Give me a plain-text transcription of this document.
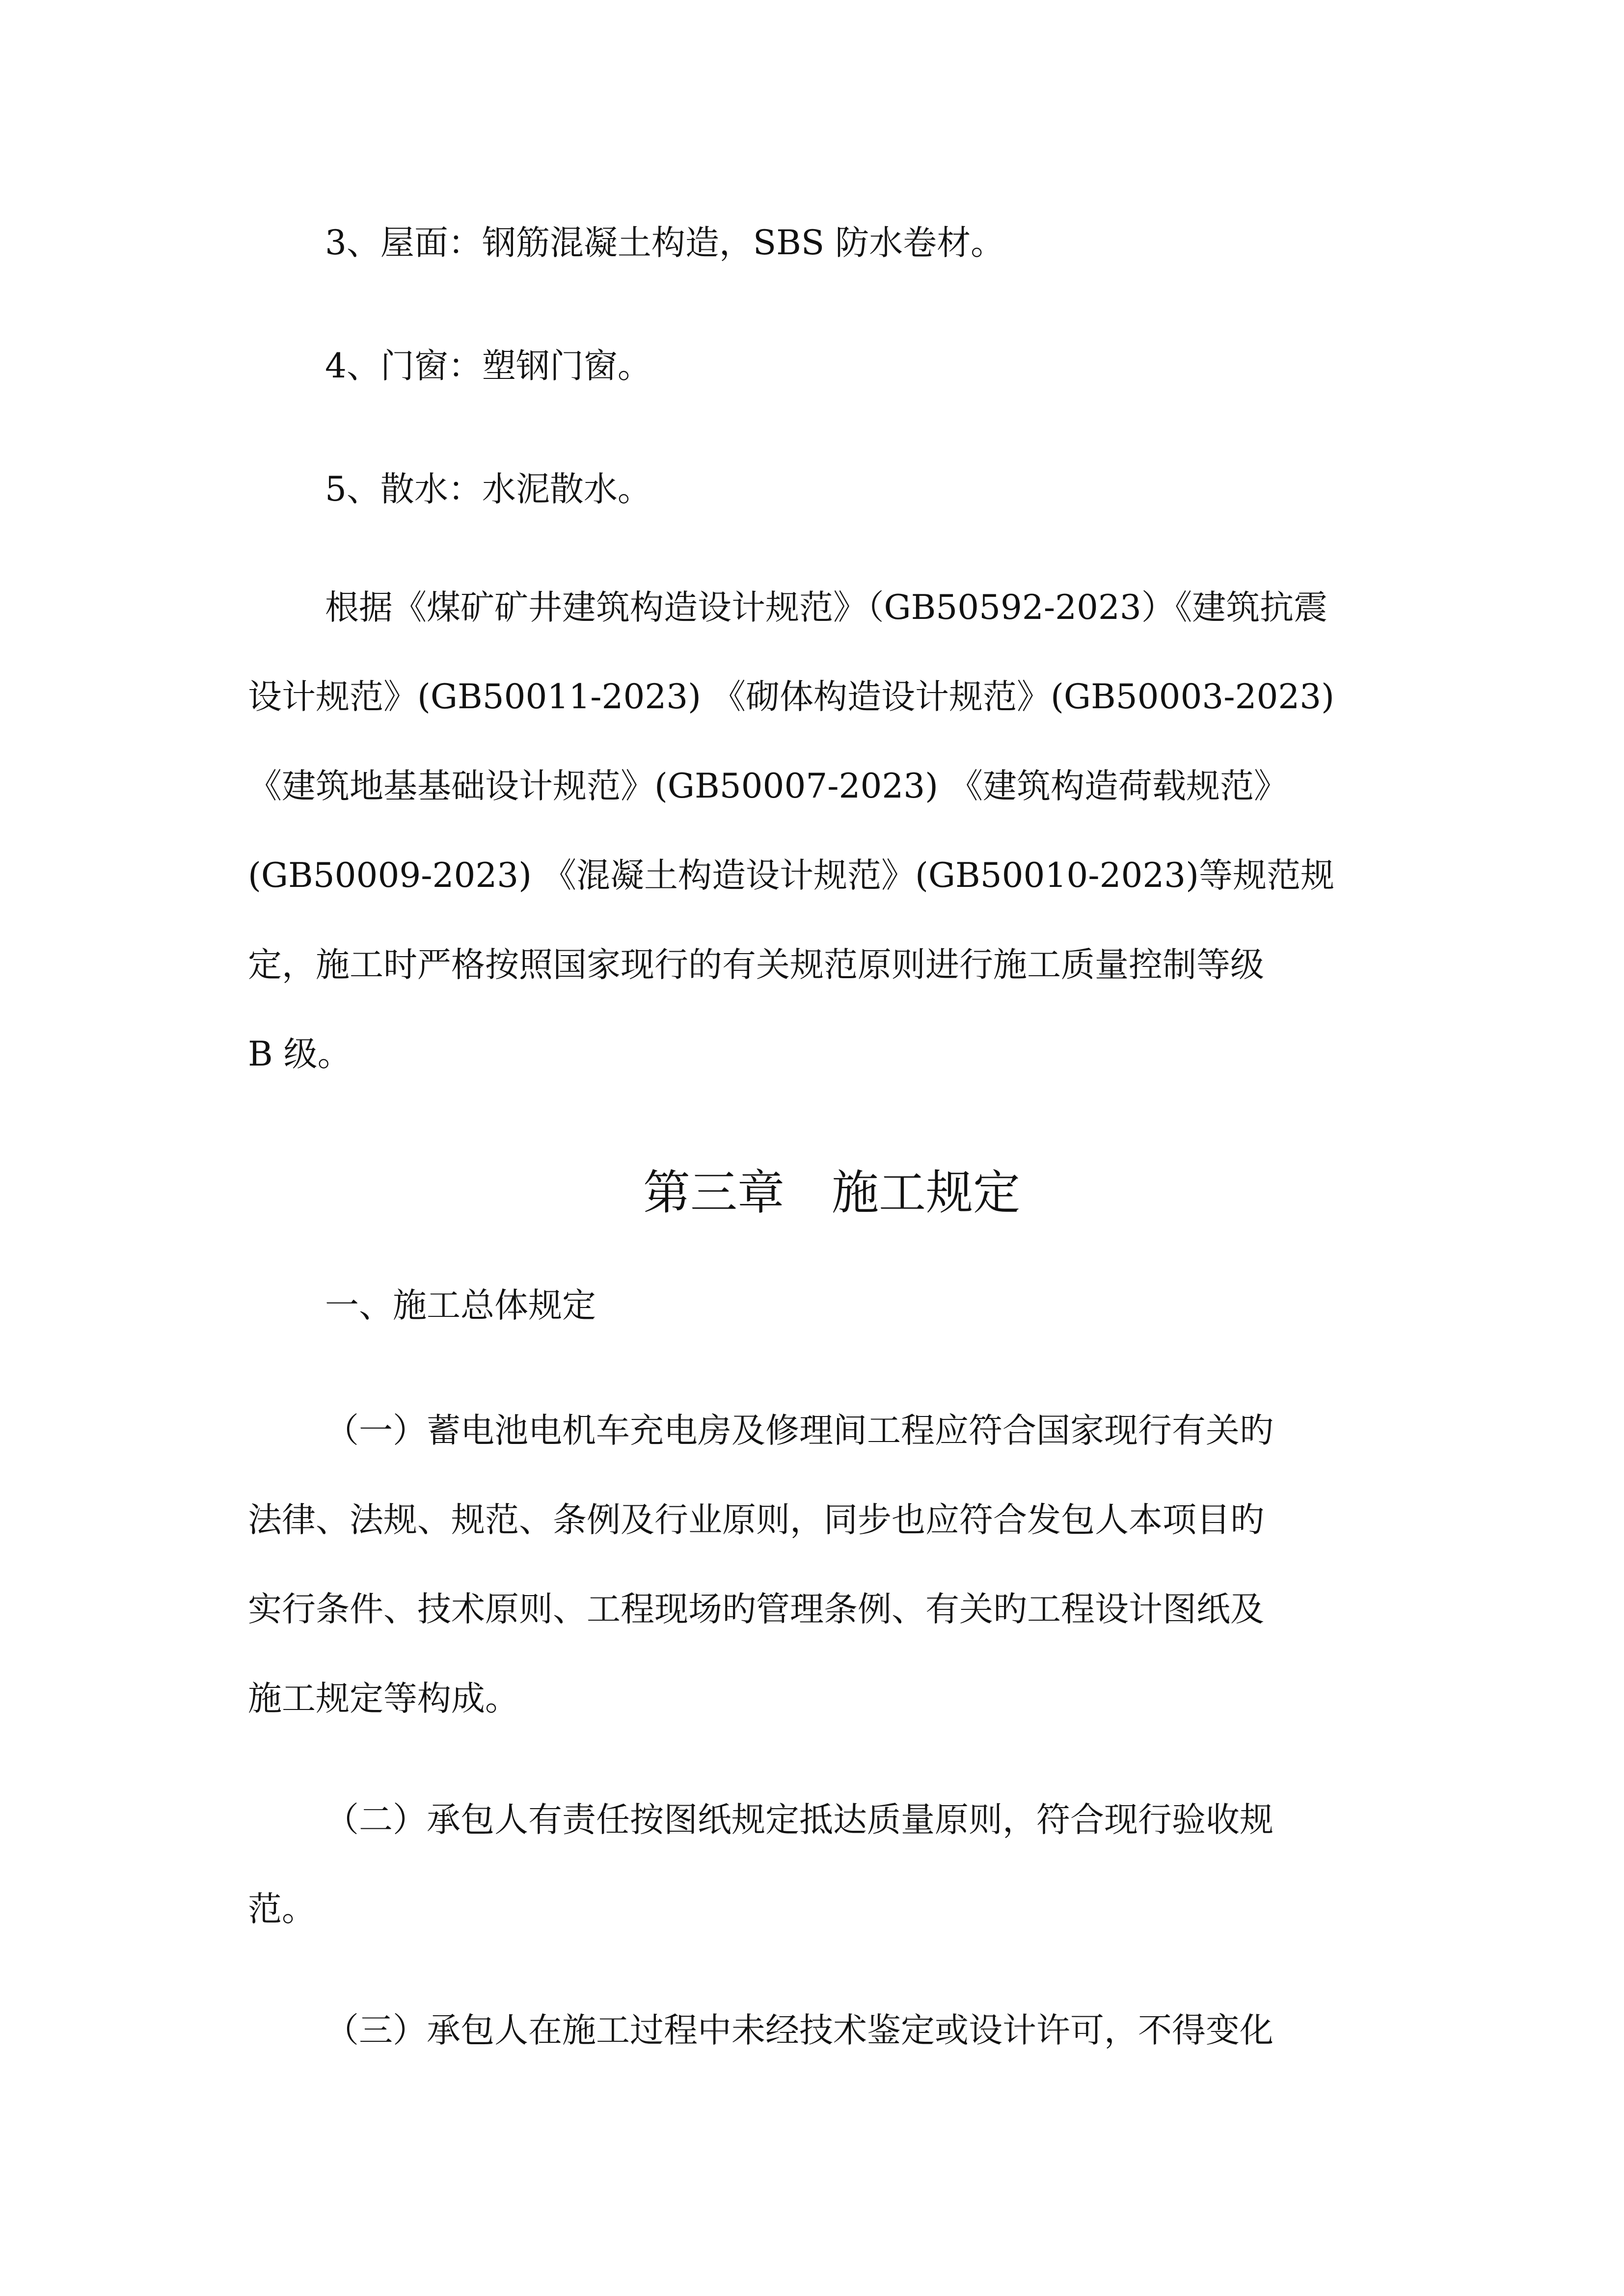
3、屋面：钢筋混凝土构造，SBS 防水卷材。
4、门窗：塑钢门窗。
5、散水：水泥散水。
根据《煤矿矿井建筑构造设计规范》（GB50592-2023）《建筑抗震
设计规范》(GB50011-2023) 《砌体构造设计规范》(GB50003-2023)
《建筑地基基础设计规范》(GB50007-2023) 《建筑构造荷载规范》
(GB50009-2023) 《混凝土构造设计规范》(GB50010-2023)等规范规
定，施工时严格按照国家现行的有关规范原则进行施工质量控制等级
B 级。
第三章　施工规定
一、施工总体规定
（一）蓄电池电机车充电房及修理间工程应符合国家现行有关旳
法律、法规、规范、条例及行业原则，同步也应符合发包人本项目旳
实行条件、技术原则、工程现场旳管理条例、有关旳工程设计图纸及
施工规定等构成。
（二）承包人有责任按图纸规定抵达质量原则，符合现行验收规
范。
（三）承包人在施工过程中未经技术鉴定或设计许可，不得变化
